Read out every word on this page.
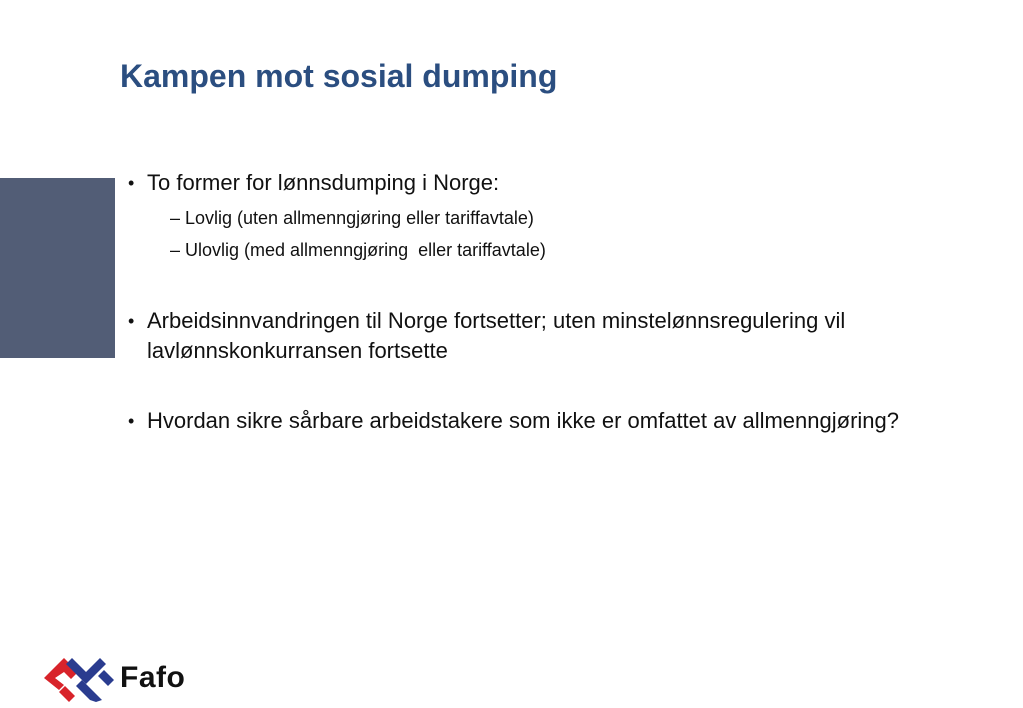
Kampen mot sosial dumping
• To former for lønnsdumping i Norge:
– Lovlig (uten allmenngjøring eller tariffavtale)
– Ulovlig (med allmenngjøring  eller tariffavtale)
• Arbeidsinnvandringen til Norge fortsetter; uten minstelønnsregulering vil lavlønnskonkurransen fortsette
• Hvordan sikre sårbare arbeidstakere som ikke er omfattet av allmenngjøring?
Fafo
